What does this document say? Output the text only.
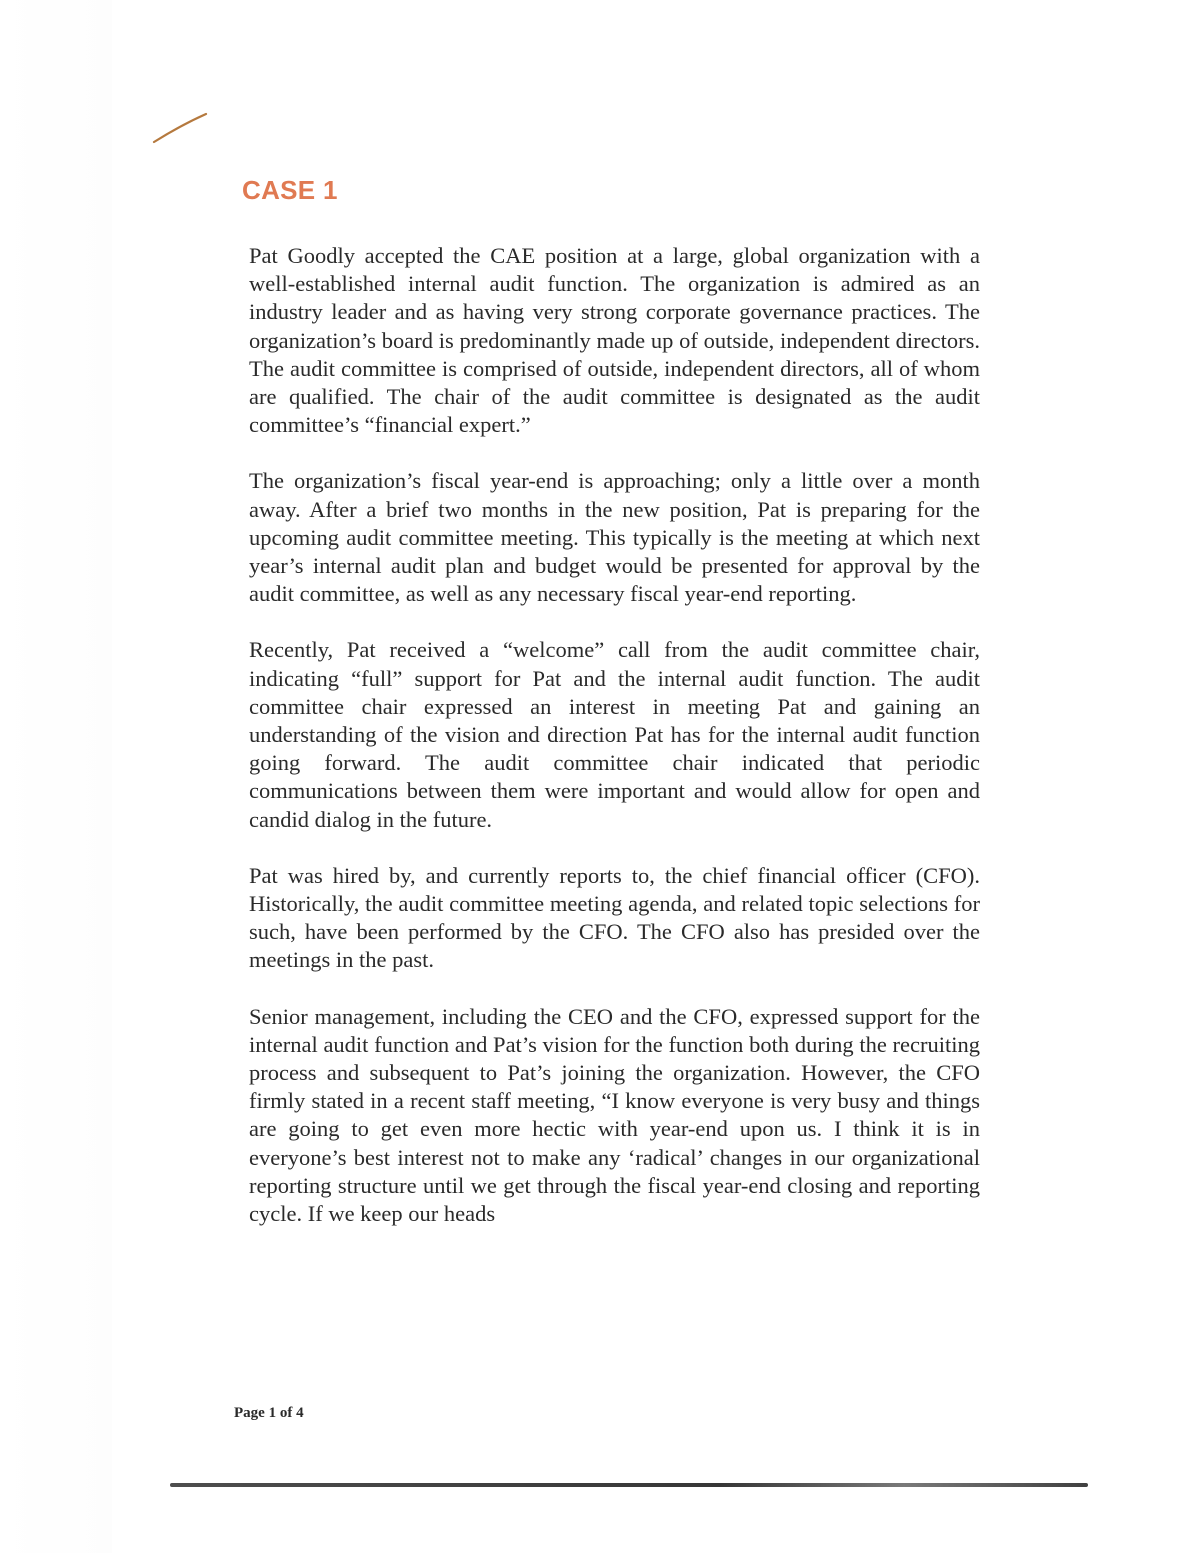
CASE 1

Pat Goodly accepted the CAE position at a large, global organization with a well-established internal audit function. The organization is admired as an industry leader and as having very strong corporate governance practices. The organization’s board is predominantly made up of outside, independent directors. The audit committee is comprised of outside, independent directors, all of whom are qualified. The chair of the audit committee is designated as the audit committee’s “financial expert.”

The organization’s fiscal year-end is approaching; only a little over a month away. After a brief two months in the new position, Pat is preparing for the upcoming audit committee meeting. This typically is the meeting at which next year’s internal audit plan and budget would be presented for approval by the audit committee, as well as any necessary fiscal year-end reporting.

Recently, Pat received a “welcome” call from the audit committee chair, indicating “full” support for Pat and the internal audit function. The audit committee chair expressed an interest in meeting Pat and gaining an understanding of the vision and direction Pat has for the internal audit function going forward. The audit committee chair indicated that periodic communications between them were important and would allow for open and candid dialog in the future.

Pat was hired by, and currently reports to, the chief financial officer (CFO). Historically, the audit committee meeting agenda, and related topic selections for such, have been performed by the CFO. The CFO also has presided over the meetings in the past.

Senior management, including the CEO and the CFO, expressed support for the internal audit function and Pat’s vision for the function both during the recruiting process and subsequent to Pat’s joining the organization. However, the CFO firmly stated in a recent staff meeting, “I know everyone is very busy and things are going to get even more hectic with year-end upon us. I think it is in everyone’s best interest not to make any ‘radical’ changes in our organizational reporting structure until we get through the fiscal year-end closing and reporting cycle. If we keep our heads

Page 1 of 4
